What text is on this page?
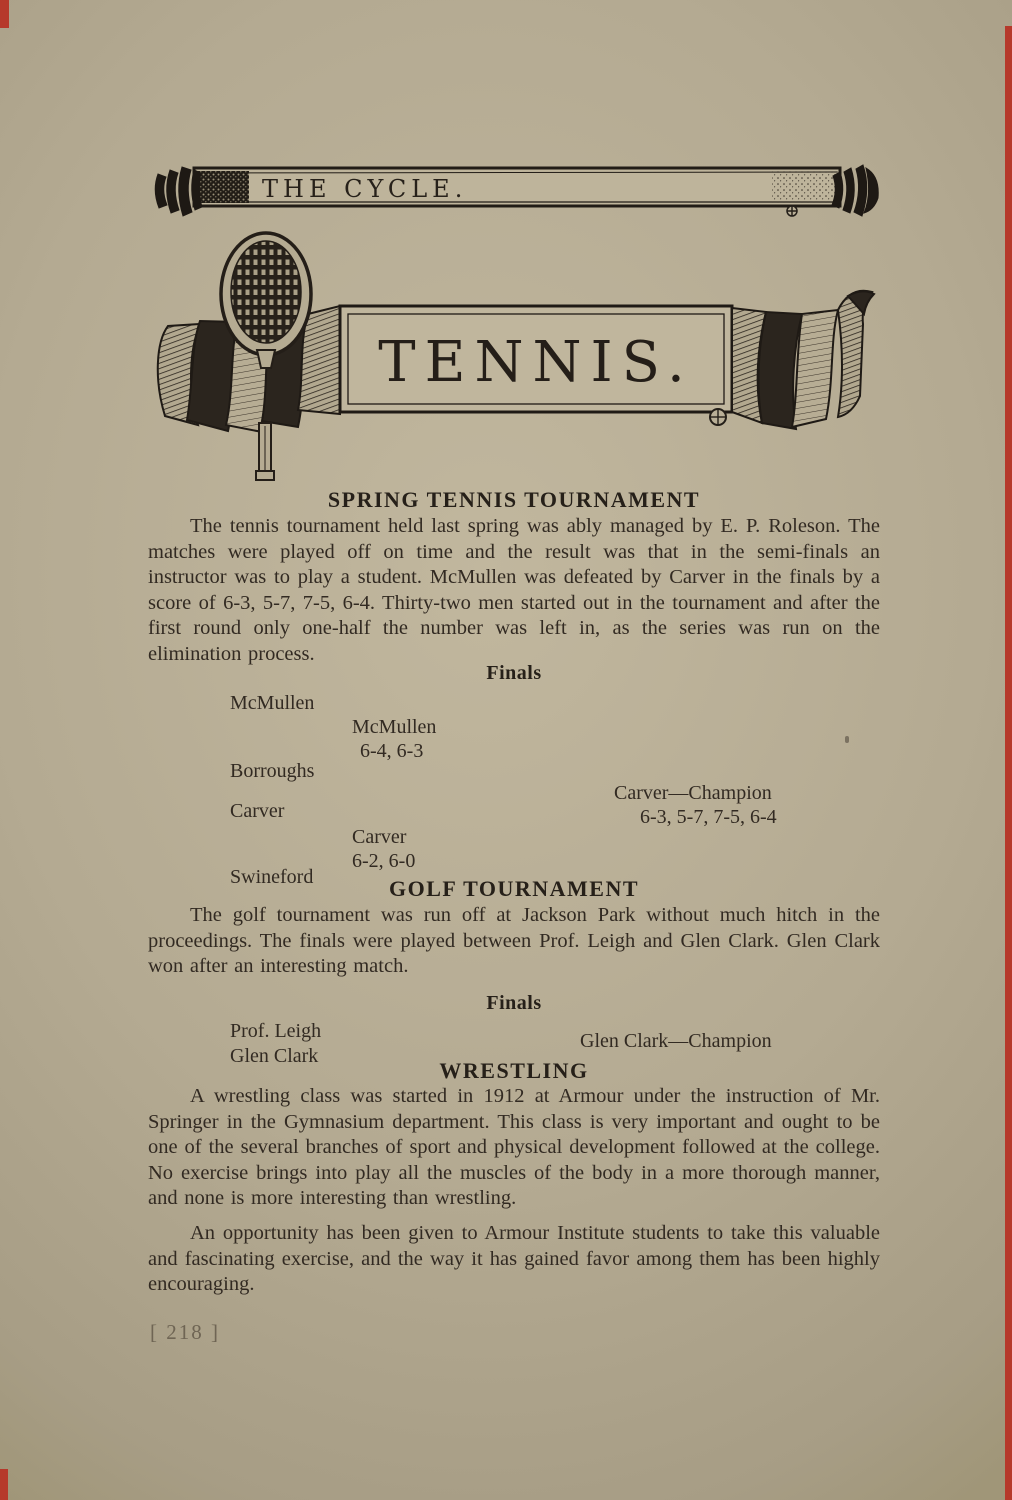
THE CYCLE.
TENNIS.
SPRING TENNIS TOURNAMENT
The tennis tournament held last spring was ably managed by E. P. Roleson. The matches were played off on time and the result was that in the semi-finals an instructor was to play a student. McMullen was defeated by Carver in the finals by a score of 6-3, 5-7, 7-5, 6-4. Thirty-two men started out in the tournament and after the first round only one-half the number was left in, as the series was run on the elimination process.
Finals
McMullen
Borroughs
Carver
Swineford
McMullen
6-4, 6-3
Carver
6-2, 6-0
Carver—Champion
6-3, 5-7, 7-5, 6-4
GOLF TOURNAMENT
The golf tournament was run off at Jackson Park without much hitch in the proceedings. The finals were played between Prof. Leigh and Glen Clark. Glen Clark won after an interesting match.
Finals
Prof. Leigh
Glen Clark
Glen Clark—Champion
WRESTLING
A wrestling class was started in 1912 at Armour under the instruction of Mr. Springer in the Gymnasium department. This class is very important and ought to be one of the several branches of sport and physical development followed at the college. No exercise brings into play all the muscles of the body in a more thorough manner, and none is more interesting than wrestling.
An opportunity has been given to Armour Institute students to take this valuable and fascinating exercise, and the way it has gained favor among them has been highly encouraging.
[ 218 ]
